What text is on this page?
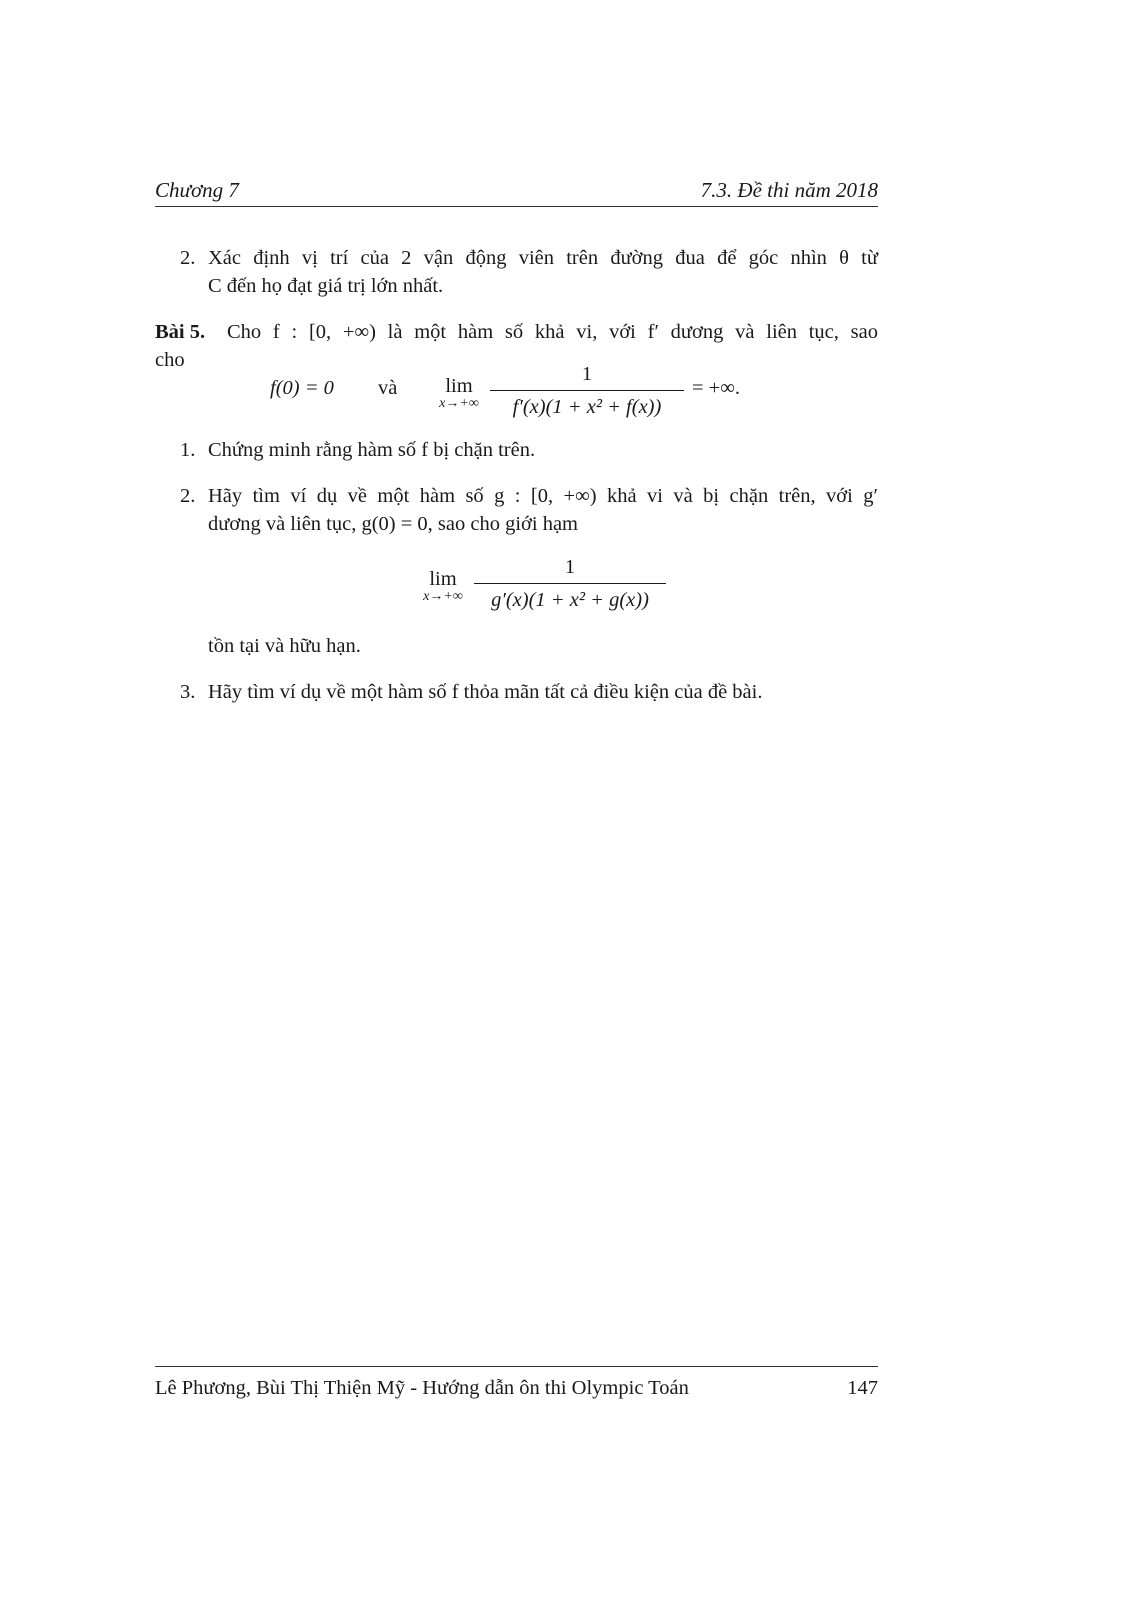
Chương 7	7.3. Đề thi năm 2018
2. Xác định vị trí của 2 vận động viên trên đường đua để góc nhìn θ từ
C đến họ đạt giá trị lớn nhất.
Bài 5. Cho f : [0, +∞) là một hàm số khả vi, với f′ dương và liên tục, sao
cho
f(0) = 0 và	lim
$x\to+\infty \frac{1}{\text{f′(x)(1 + x² + f(x))}}$ = +∞.
1. Chứng minh rằng hàm số f bị chặn trên.
2. Hãy tìm ví dụ về một hàm số g : [0, +∞) khả vi và bị chặn trên, với g′
dương và liên tục, g(0) = 0, sao cho giới hạm
lim
$x\to+\infty \frac{1}{\text{g′(x)(1 + x² + g(x))}}$
tồn tại và hữu hạn.
3. Hãy tìm ví dụ về một hàm số f thỏa mãn tất cả điều kiện của đề bài.
Lê Phương, Bùi Thị Thiện Mỹ - Hướng dẫn ôn thi Olympic Toán	147
